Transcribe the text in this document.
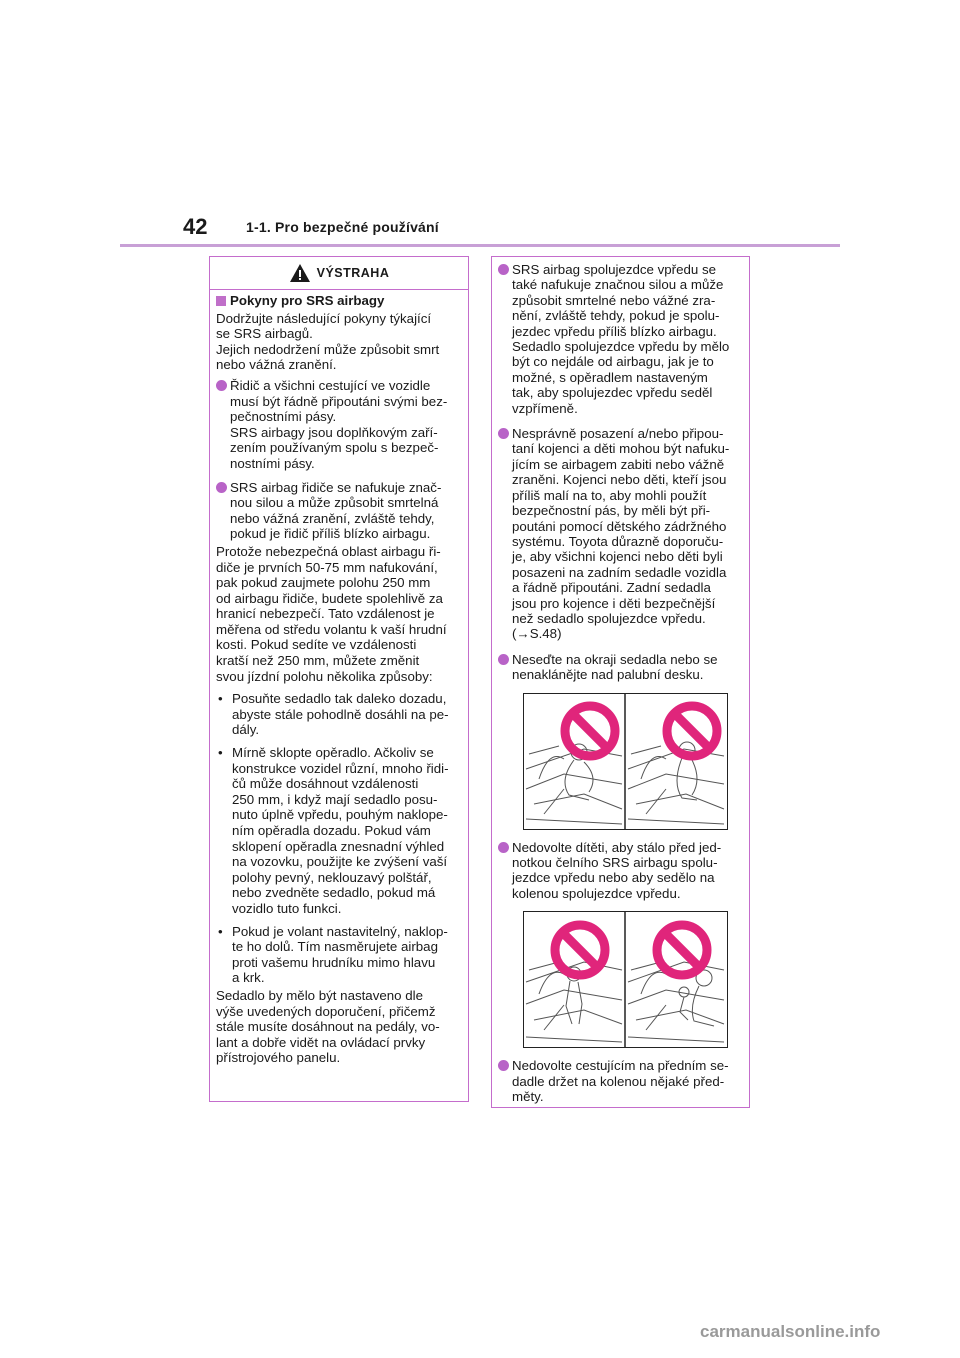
42	1-1. Pro bezpečné používání
VÝSTRAHA
Pokyny pro SRS airbagy

Dodržujte následující pokyny týkající
se SRS airbagů.
Jejich nedodržení může způsobit smrt
nebo vážná zranění.

Řidič a všichni cestující ve vozidle
musí být řádně připoutáni svými bez-
pečnostními pásy.
SRS airbagy jsou doplňkovým zaří-
zením používaným spolu s bezpeč-
nostními pásy.
SRS airbag řidiče se nafukuje znač-
nou silou a může způsobit smrtelná
nebo vážná zranění, zvláště tehdy,
pokud je řidič příliš blízko airbagu.

Protože nebezpečná oblast airbagu ři-
diče je prvních 50-75 mm nafukování,
pak pokud zaujmete polohu 250 mm
od airbagu řidiče, budete spolehlivě za
hranicí nebezpečí. Tato vzdálenost je
měřena od středu volantu k vaší hrudní
kosti. Pokud sedíte ve vzdálenosti
kratší než 250 mm, můžete změnit
svou jízdní polohu několika způsoby:

• Posuňte sedadlo tak daleko dozadu,
abyste stále pohodlně dosáhli na pe-
dály.
• Mírně sklopte opěradlo. Ačkoliv se
konstrukce vozidel různí, mnoho řidi-
čů může dosáhnout vzdálenosti
250 mm, i když mají sedadlo posu-
nuto úplně vpředu, pouhým naklope-
ním opěradla dozadu. Pokud vám
sklopení opěradla znesnadní výhled
na vozovku, použijte ke zvýšení vaší
polohy pevný, neklouzavý polštář,
nebo zvedněte sedadlo, pokud má
vozidlo tuto funkci.
• Pokud je volant nastavitelný, naklop-
te ho dolů. Tím nasměrujete airbag
proti vašemu hrudníku mimo hlavu
a krk.

Sedadlo by mělo být nastaveno dle
výše uvedených doporučení, přičemž
stále musíte dosáhnout na pedály, vo-
lant a dobře vidět na ovládací prvky
přístrojového panelu.

SRS airbag spolujezdce vpředu se
také nafukuje značnou silou a může
způsobit smrtelné nebo vážné zra-
nění, zvláště tehdy, pokud je spolu-
jezdec vpředu příliš blízko airbagu.
Sedadlo spolujezdce vpředu by mělo
být co nejdále od airbagu, jak je to
možné, s opěradlem nastaveným
tak, aby spolujezdec vpředu seděl
vzpřímeně.
Nesprávně posazení a/nebo připou-
taní kojenci a děti mohou být nafuku-
jícím se airbagem zabiti nebo vážně
zraněni. Kojenci nebo děti, kteří jsou
příliš malí na to, aby mohli použít
bezpečnostní pás, by měli být při-
poutáni pomocí dětského zádržného
systému. Toyota důrazně doporuču-
je, aby všichni kojenci nebo děti byli
posazeni na zadním sedadle vozidla
a řádně připoutáni. Zadní sedadla
jsou pro kojence i děti bezpečnější
než sedadlo spolujezdce vpředu.
(→S.48)
Neseďte na okraji sedadla nebo se
nenaklánějte nad palubní desku.
Nedovolte dítěti, aby stálo před jed-
notkou čelního SRS airbagu spolu-
jezdce vpředu nebo aby sedělo na
kolenou spolujezdce vpředu.
Nedovolte cestujícím na předním se-
dadle držet na kolenou nějaké před-
měty.
carmanualsonline.info
